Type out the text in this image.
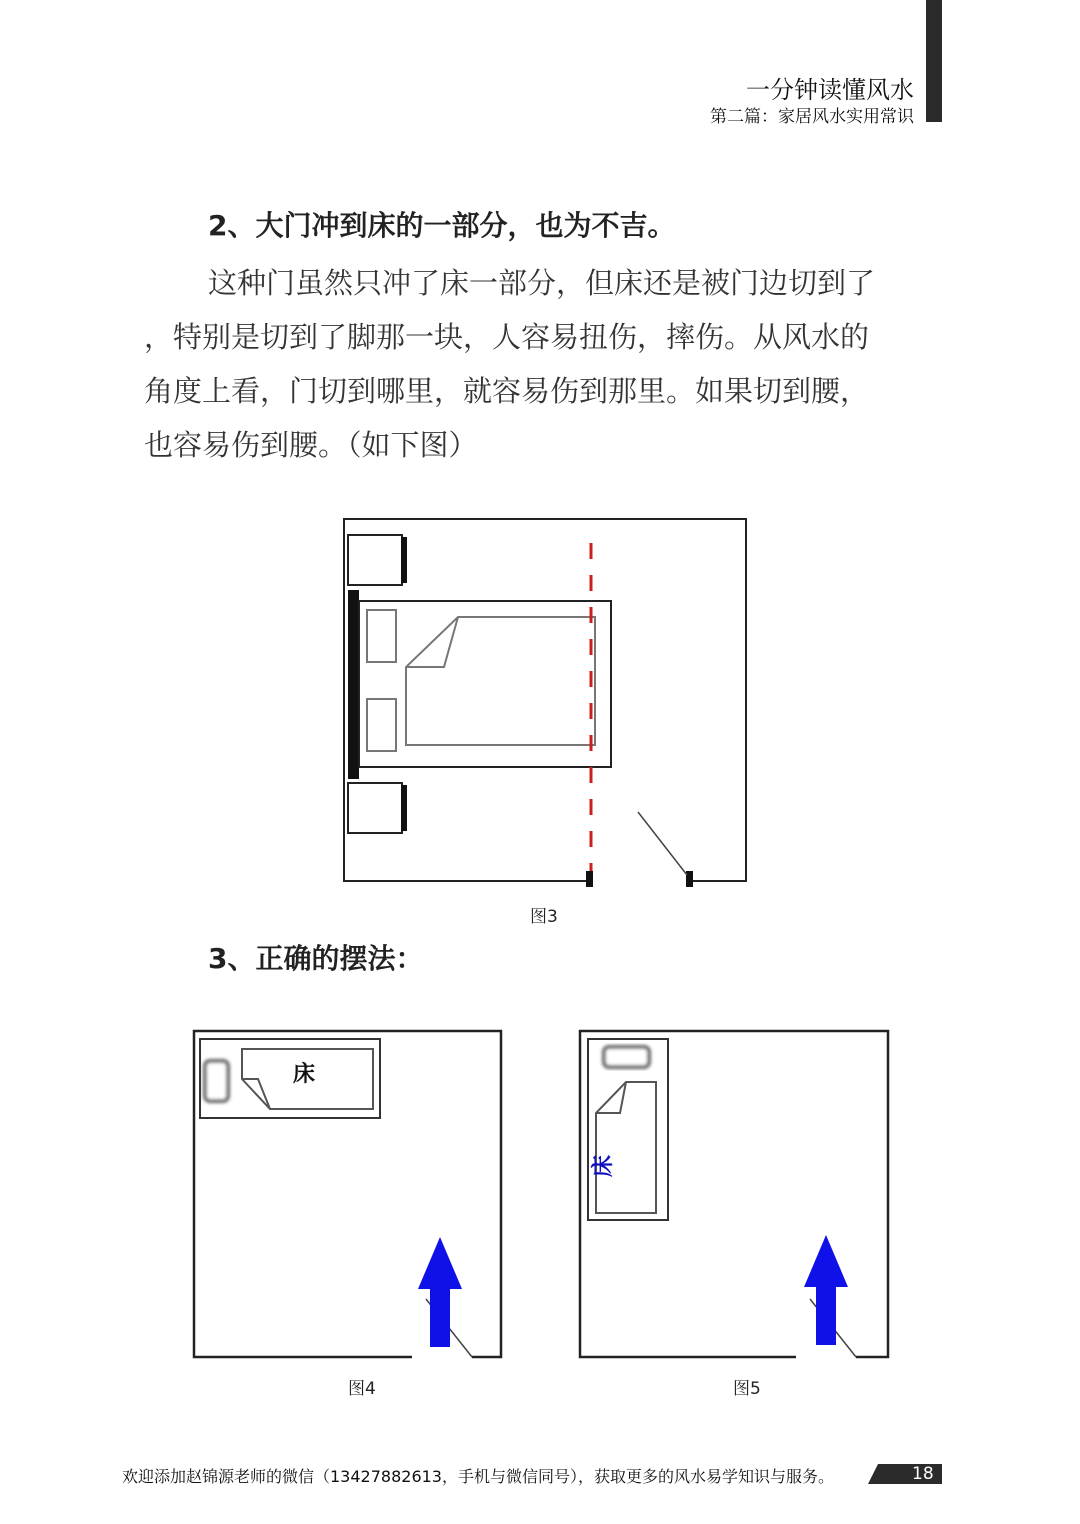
一分钟读懂风水
第二篇：家居风水实用常识
2、大门冲到床的一部分，也为不吉。
这种门虽然只冲了床一部分，但床还是被门边切到了
，特别是切到了脚那一块，人容易扭伤，摔伤。从风水的
角度上看，门切到哪里，就容易伤到那里。如果切到腰，
也容易伤到腰。（如下图）
图3
3、正确的摆法：
床
图4
床
图5
欢迎添加赵锦源老师的微信（13427882613，手机与微信同号），获取更多的风水易学知识与服务。	18
